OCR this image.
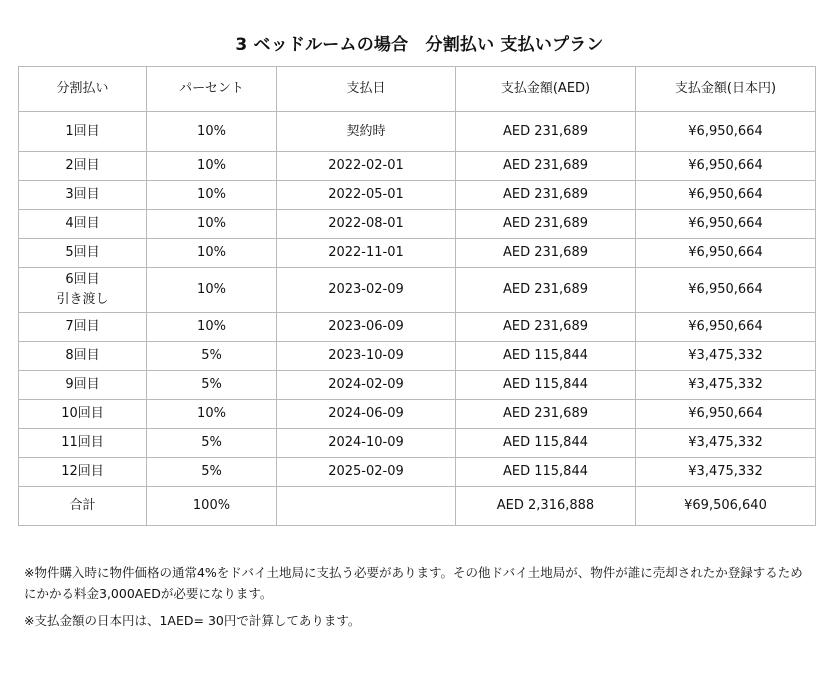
3 ベッドルームの場合　分割払い 支払いプラン
分割払い	パーセント	支払日	支払金額(AED)	支払金額(日本円)

1回目	10%	契約時	AED 231,689	¥6,950,664

2回目	10%	2022-02-01	AED 231,689	¥6,950,664

3回目	10%	2022-05-01	AED 231,689	¥6,950,664

4回目	10%	2022-08-01	AED 231,689	¥6,950,664

5回目	10%	2022-11-01	AED 231,689	¥6,950,664

6回目
引き渡し	10%	2023-02-09	AED 231,689	¥6,950,664

7回目	10%	2023-06-09	AED 231,689	¥6,950,664

8回目	5%	2023-10-09	AED 115,844	¥3,475,332

9回目	5%	2024-02-09	AED 115,844	¥3,475,332

10回目	10%	2024-06-09	AED 231,689	¥6,950,664

11回目	5%	2024-10-09	AED 115,844	¥3,475,332

12回目	5%	2025-02-09	AED 115,844	¥3,475,332
合計	100%		AED 2,316,888	¥69,506,640

※物件購入時に物件価格の通常4%をドバイ土地局に支払う必要があります。その他ドバイ土地局が、物件が誰に売却されたか登録するためにかかる料金3,000AEDが必要になります。

※支払金額の日本円は、1AED= 30円で計算してあります。
